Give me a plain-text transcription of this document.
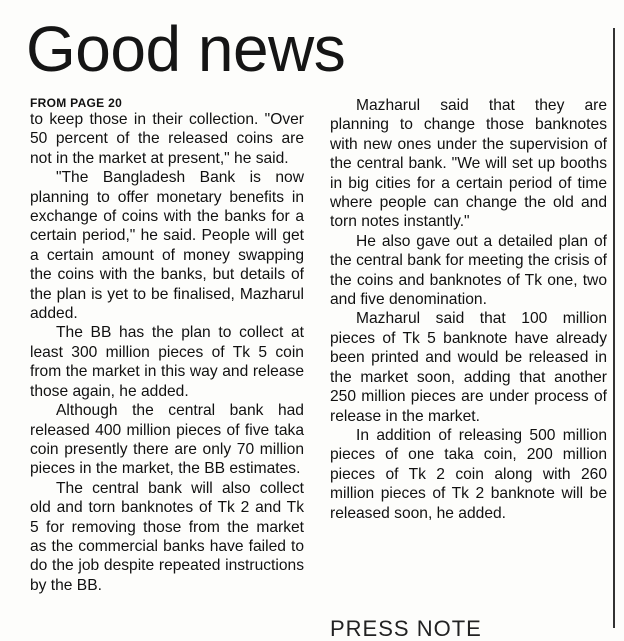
Good news
FROM PAGE 20

to keep those in their collection. "Over 50 percent of the released coins are not in the market at present," he said.

"The Bangladesh Bank is now planning to offer monetary benefits in exchange of coins with the banks for a certain period," he said. People will get a certain amount of money swapping the coins with the banks, but details of the plan is yet to be finalised, Mazharul added.

The BB has the plan to collect at least 300 million pieces of Tk 5 coin from the market in this way and release those again, he added.

Although the central bank had released 400 million pieces of five taka coin presently there are only 70 million pieces in the market, the BB estimates.

The central bank will also collect old and torn banknotes of Tk 2 and Tk 5 for removing those from the market as the commercial banks have failed to do the job despite repeated instructions by the BB.

Mazharul said that they are planning to change those banknotes with new ones under the supervision of the central bank. "We will set up booths in big cities for a certain period of time where people can change the old and torn notes instantly."

He also gave out a detailed plan of the central bank for meeting the crisis of the coins and banknotes of Tk one, two and five denomination.

Mazharul said that 100 million pieces of Tk 5 banknote have already been printed and would be released in the market soon, adding that another 250 million pieces are under process of release in the market.

In addition of releasing 500 million pieces of one taka coin, 200 million pieces of Tk 2 coin along with 260 million pieces of Tk 2 banknote will be released soon, he added.

PRESS NOTE
